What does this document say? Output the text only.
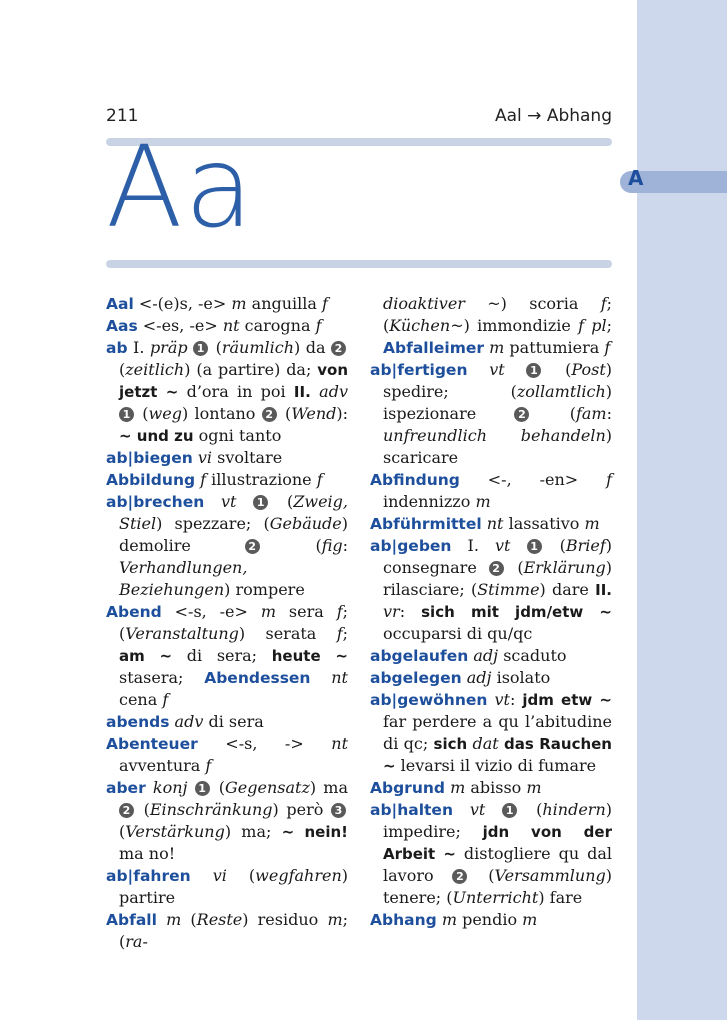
A
211	Aal → Abhang
Aa

Aal <-(e)s, -e> m anguilla f

Aas <-es, -e> nt carogna f

ab I. präp 1 (räumlich) da 2 (zeitlich) (a partire) da; von jetzt ~ d’ora in poi II. adv 1 (weg) lontano 2 (Wend): ~ und zu ogni tanto

ab|biegen vi svoltare

Abbildung f illustrazione f

ab|brechen vt 1 (Zweig, Stiel) spezzare; (Gebäude) demolire 2 (fig: Verhandlungen, Beziehungen) rompere

Abend <-s, -e> m sera f; (Veranstaltung) serata f; am ~ di sera; heute ~ stasera; Abendessen nt cena f

abends adv di sera

Abenteuer <-s, -> nt avventura f

aber konj 1 (Gegensatz) ma 2 (Einschränkung) però 3 (Verstärkung) ma; ~ nein! ma no!

ab|fahren vi (wegfahren) partire

Abfall m (Reste) residuo m; (ra-

dioaktiver ~) scoria f; (Küchen~) immondizie f pl; Abfalleimer m pattumiera f

ab|fertigen vt 1 (Post) spedire; (zollamtlich) ispezionare 2 (fam: unfreundlich behandeln) scaricare

Abfindung <-, -en> f indennizzo m

Abführmittel nt lassativo m

ab|geben I. vt 1 (Brief) consegnare 2 (Erklärung) rilasciare; (Stimme) dare II. vr: sich mit jdm/etw ~ occuparsi di qu/qc

abgelaufen adj scaduto

abgelegen adj isolato

ab|gewöhnen vt: jdm etw ~ far perdere a qu l’abitudine di qc; sich dat das Rauchen ~ levarsi il vizio di fumare

Abgrund m abisso m

ab|halten vt 1 (hindern) impedire; jdn von der Arbeit ~ distogliere qu dal lavoro 2 (Versammlung) tenere; (Unterricht) fare

Abhang m pendio m
